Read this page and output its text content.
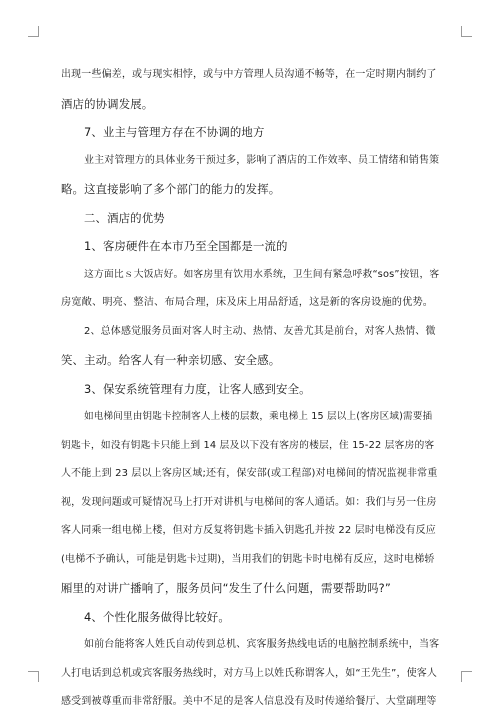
出现一些偏差，或与现实相悖，或与中方管理人员沟通不畅等，在一定时期内制约了
酒店的协调发展。
7、业主与管理方存在不协调的地方
业主对管理方的具体业务干预过多，影响了酒店的工作效率、员工情绪和销售策
略。这直接影响了多个部门的能力的发挥。
二、酒店的优势
1、客房硬件在本市乃至全国都是一流的
这方面比ｓ大饭店好。如客房里有饮用水系统，卫生间有紧急呼救“sos”按钮，客
房宽敞、明亮、整洁、布局合理，床及床上用品舒适，这是新的客房设施的优势。
2、总体感觉服务员面对客人时主动、热情、友善尤其是前台，对客人热情、微
笑、主动。给客人有一种亲切感、安全感。
3、保安系统管理有力度，让客人感到安全。
如电梯间里由钥匙卡控制客人上楼的层数，乘电梯上 15 层以上(客房区域)需要插
钥匙卡，如没有钥匙卡只能上到 14 层及以下没有客房的楼层，住 15-22 层客房的客
人不能上到 23 层以上客房区域;还有，保安部(或工程部)对电梯间的情况监视非常重
视，发现问题或可疑情况马上打开对讲机与电梯间的客人通话。如：我们与另一住房
客人同乘一组电梯上楼，但对方反复将钥匙卡插入钥匙孔并按 22 层时电梯没有反应
(电梯不予确认，可能是钥匙卡过期)，当用我们的钥匙卡时电梯有反应，这时电梯轿
厢里的对讲广播响了，服务员问“发生了什么问题，需要帮助吗?”
4、个性化服务做得比较好。
如前台能将客人姓氏自动传到总机、宾客服务热线电话的电脑控制系统中，当客
人打电话到总机或宾客服务热线时，对方马上以姓氏称谓客人，如“王先生”，使客人
感受到被尊重而非常舒服。美中不足的是客人信息没有及时传递给餐厅、大堂副理等
